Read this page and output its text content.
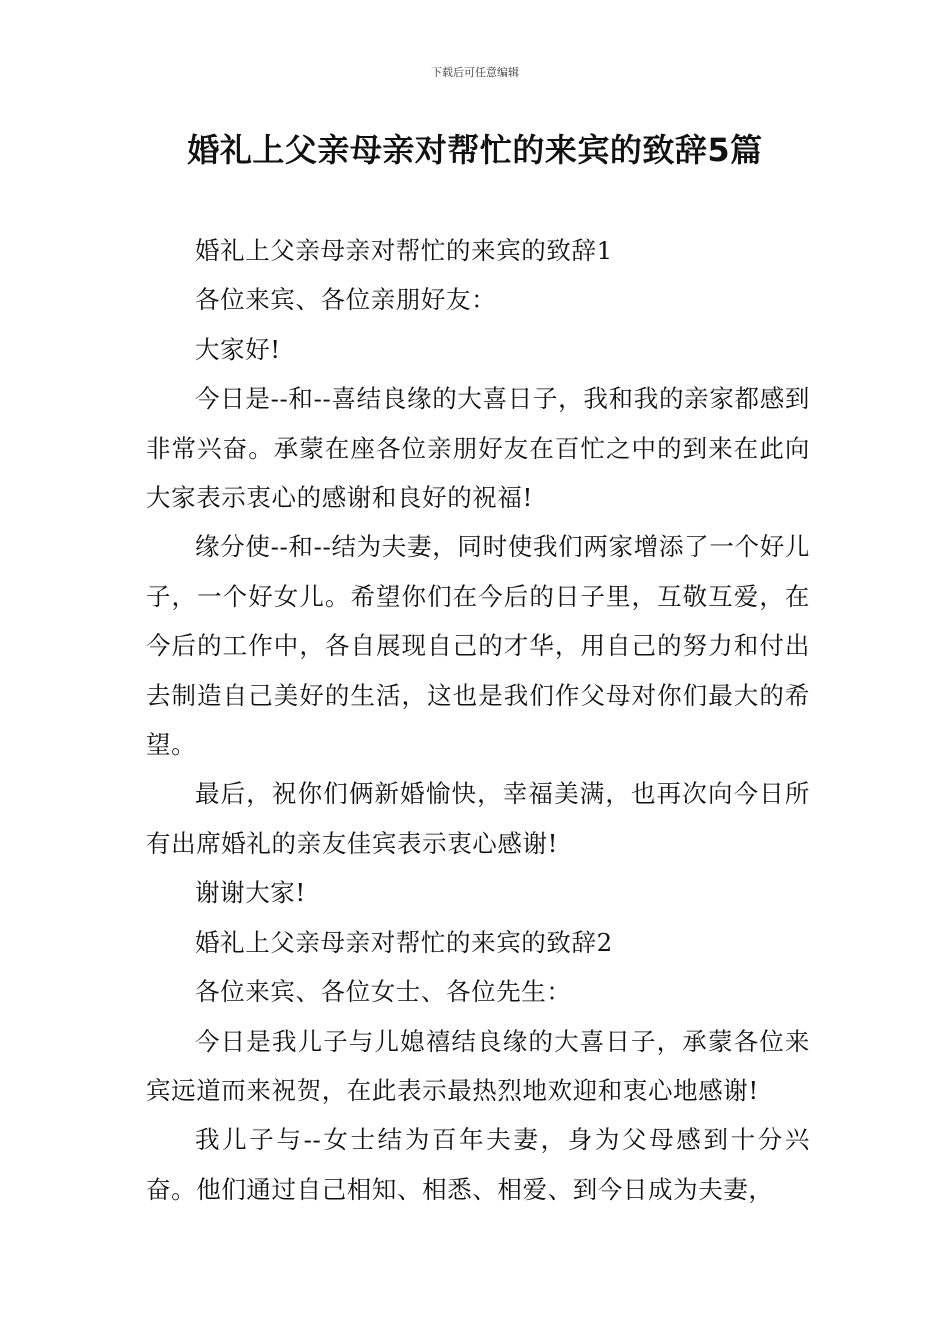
下载后可任意编辑
婚礼上父亲母亲对帮忙的来宾的致辞5篇

婚礼上父亲母亲对帮忙的来宾的致辞1

各位来宾、各位亲朋好友：

大家好!

今日是--和--喜结良缘的大喜日子，我和我的亲家都感到非常兴奋。承蒙在座各位亲朋好友在百忙之中的到来在此向大家表示衷心的感谢和良好的祝福!

缘分使--和--结为夫妻，同时使我们两家增添了一个好儿子，一个好女儿。希望你们在今后的日子里，互敬互爱，在今后的工作中，各自展现自己的才华，用自己的努力和付出去制造自己美好的生活，这也是我们作父母对你们最大的希望。

最后，祝你们俩新婚愉快，幸福美满，也再次向今日所有出席婚礼的亲友佳宾表示衷心感谢!

谢谢大家!

婚礼上父亲母亲对帮忙的来宾的致辞2

各位来宾、各位女士、各位先生：

今日是我儿子与儿媳禧结良缘的大喜日子，承蒙各位来宾远道而来祝贺，在此表示最热烈地欢迎和衷心地感谢!

我儿子与--女士结为百年夫妻，身为父母感到十分兴奋。他们通过自己相知、相悉、相爱、到今日成为夫妻，
